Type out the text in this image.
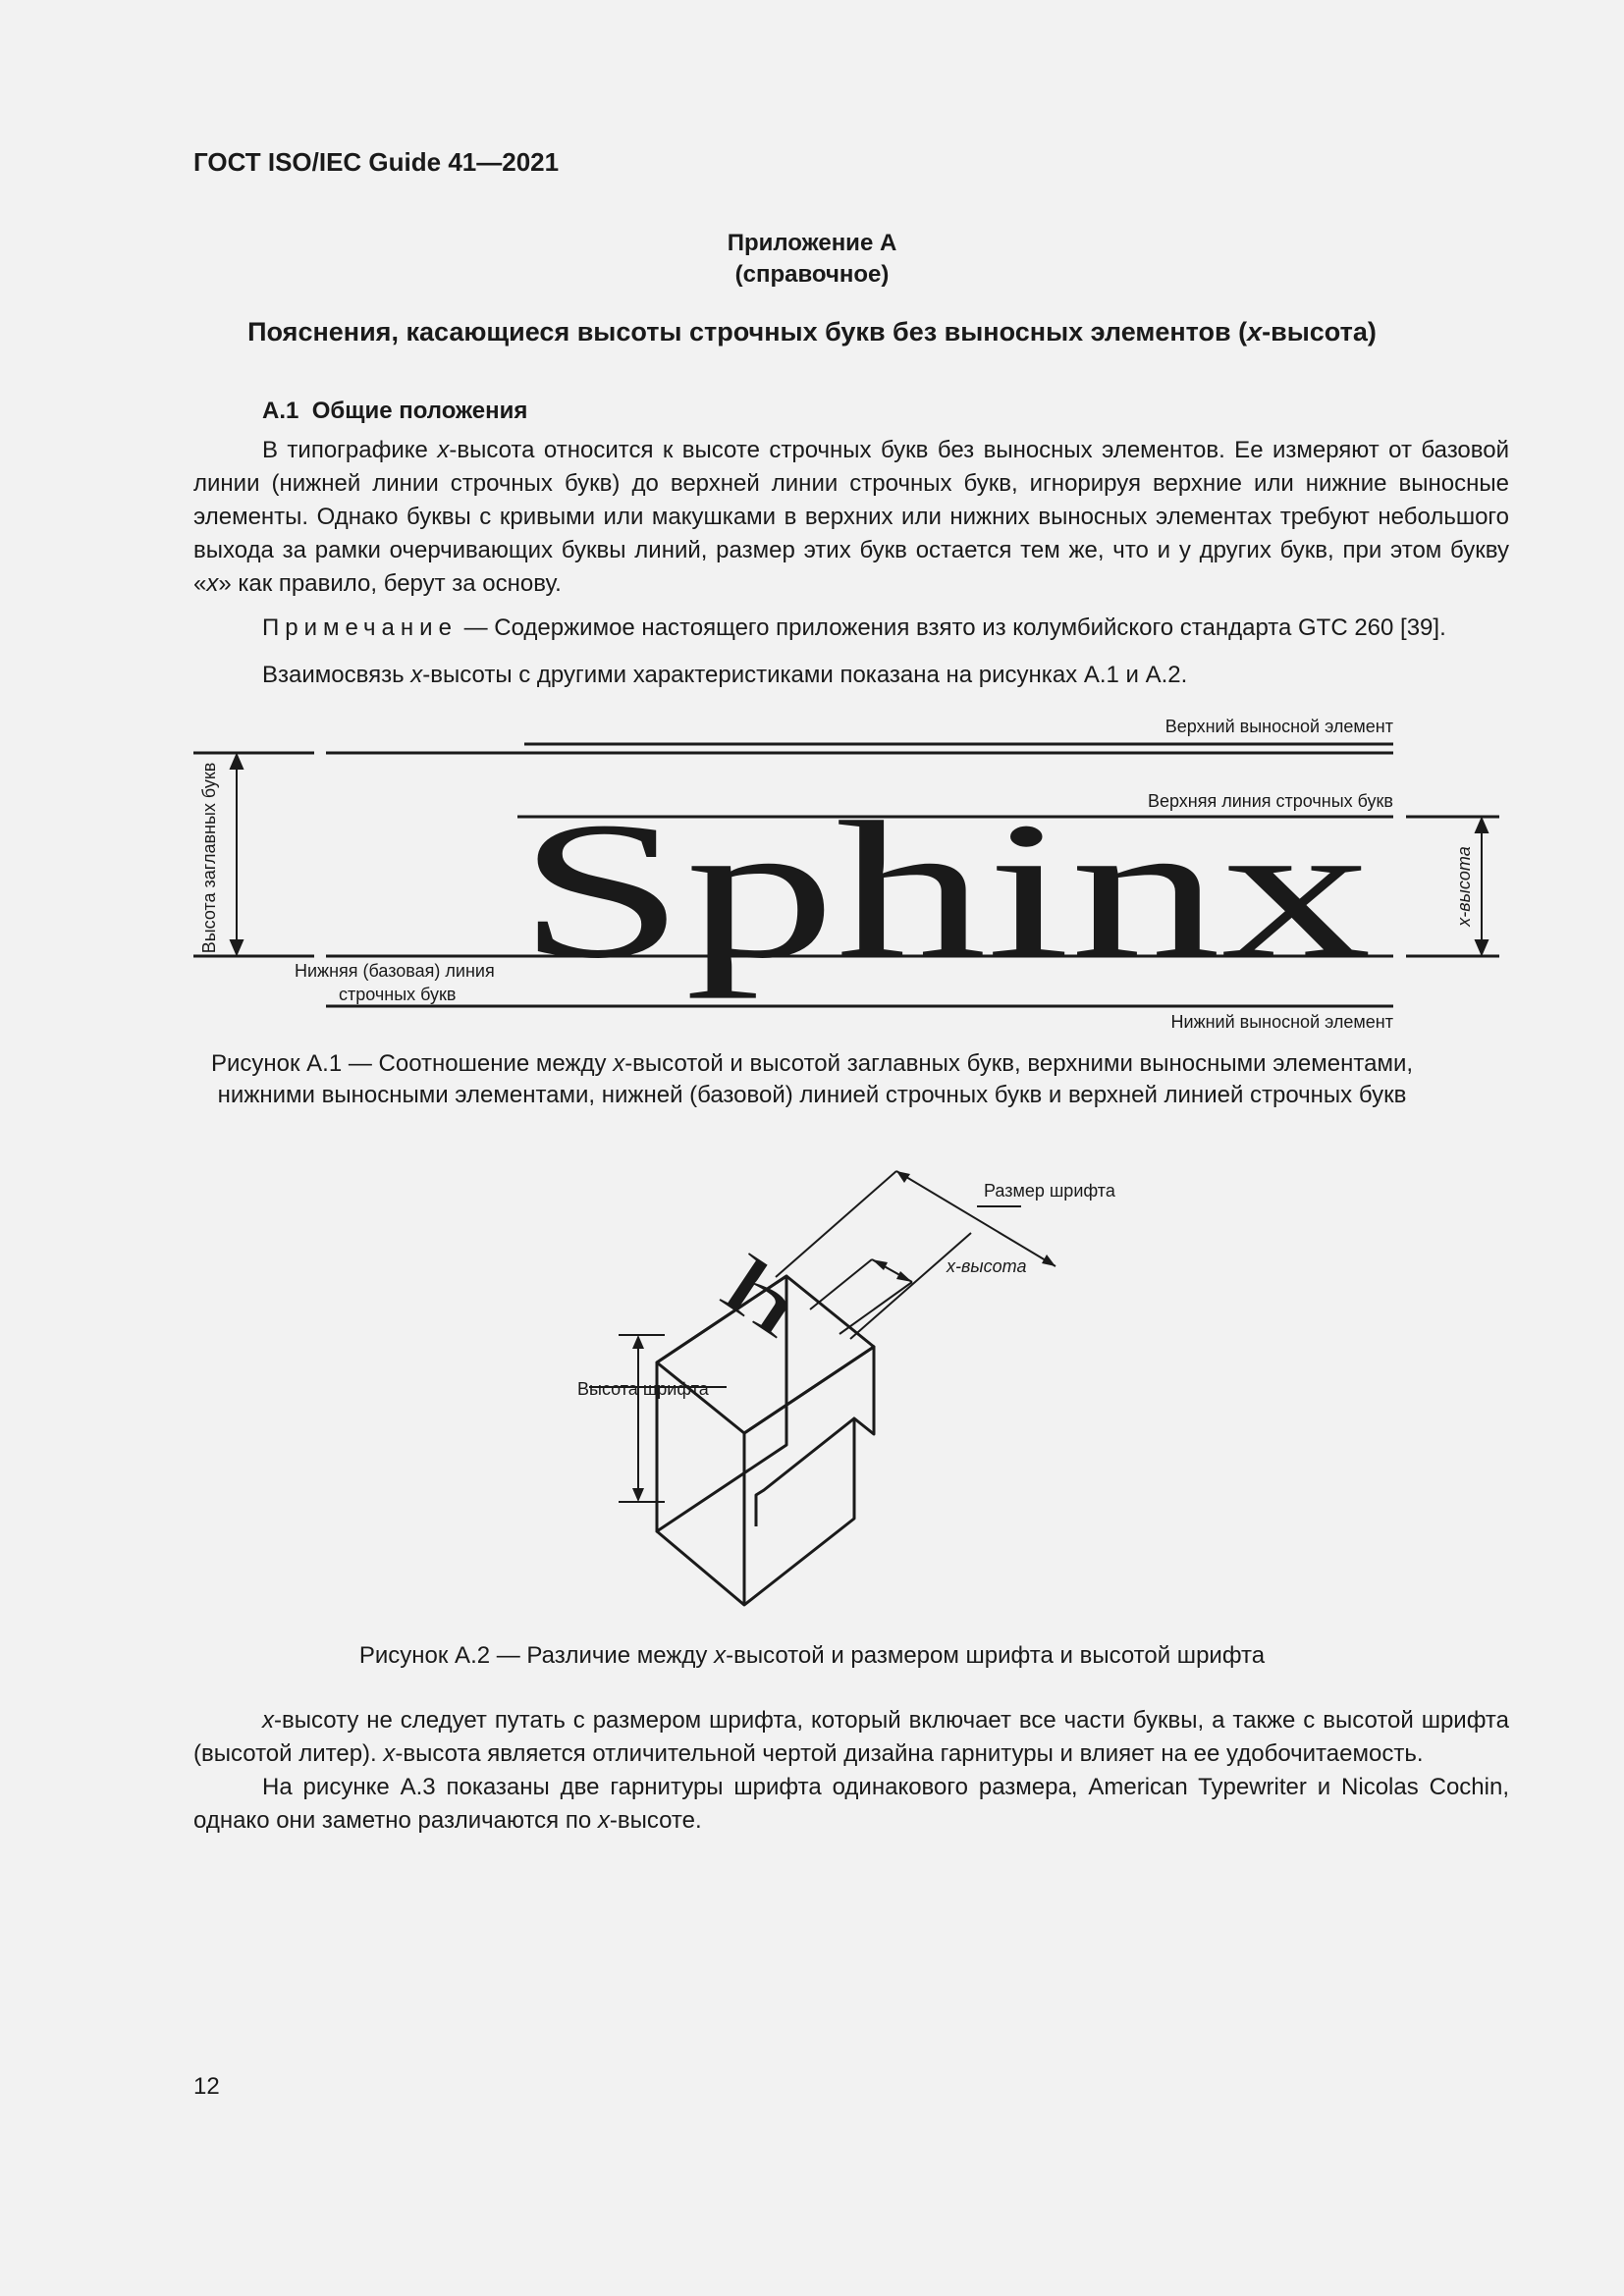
ГОСТ ISO/IEC Guide 41—2021
Приложение А
(справочное)
Пояснения, касающиеся высоты строчных букв без выносных элементов (x-высота)
А.1 Общие положения
В типографике x-высота относится к высоте строчных букв без выносных элементов. Ее измеряют от базовой линии (нижней линии строчных букв) до верхней линии строчных букв, игнорируя верхние или нижние выносные элементы. Однако буквы с кривыми или макушками в верхних или нижних выносных элементах требуют небольшого выхода за рамки очерчивающих буквы линий, размер этих букв остается тем же, что и у других букв, при этом букву «x» как правило, берут за основу.
Примечание — Содержимое настоящего приложения взято из колумбийского стандарта GTC 260 [39].
Взаимосвязь x-высоты с другими характеристиками показана на рисунках А.1 и А.2.
Sphinx
Верхний выносной элемент
Верхняя линия строчных букв
Нижняя (базовая) линия
строчных букв
Нижний выносной элемент
Высота заглавных букв	x-высота
Рисунок А.1 — Соотношение между x-высотой и высотой заглавных букв, верхними выносными элементами,
нижними выносными элементами, нижней (базовой) линией строчных букв и верхней линией строчных букв
h
Размер шрифта
x-высота
Высота шрифта
Рисунок А.2 — Различие между x-высотой и размером шрифта и высотой шрифта
x-высоту не следует путать с размером шрифта, который включает все части буквы, а также с высотой шрифта (высотой литер). x-высота является отличительной чертой дизайна гарнитуры и влияет на ее удобочитаемость.
На рисунке А.3 показаны две гарнитуры шрифта одинакового размера, American Typewriter и Nicolas Cochin, однако они заметно различаются по x-высоте.
12
